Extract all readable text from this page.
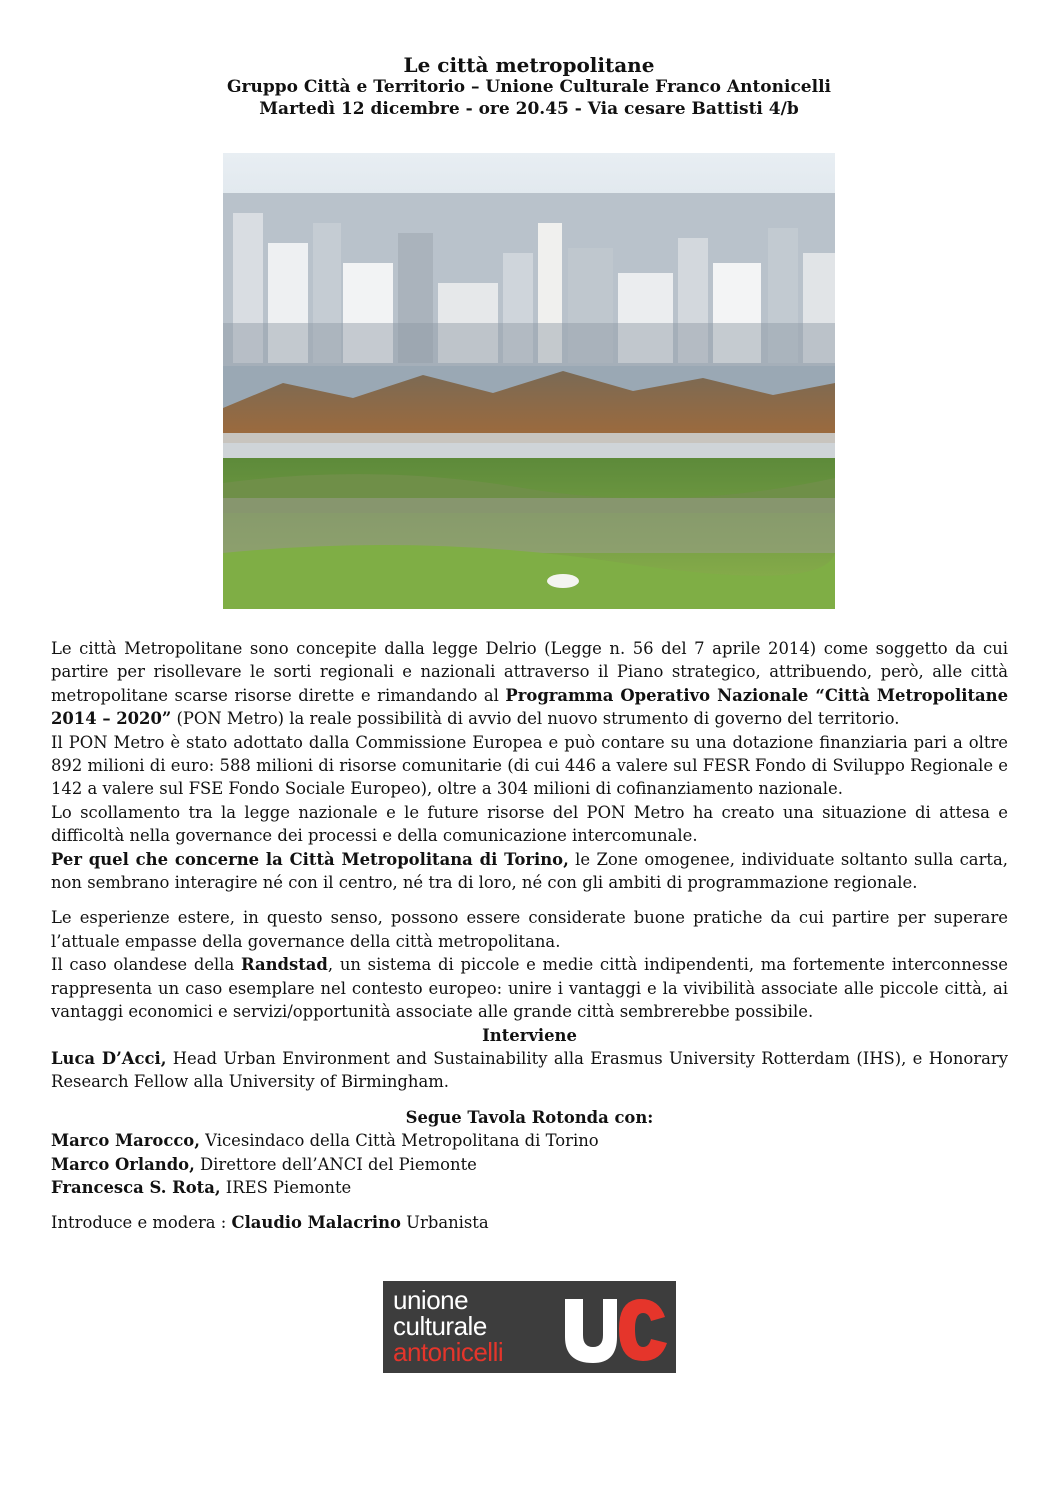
Le città metropolitane
Gruppo Città e Territorio – Unione Culturale Franco Antonicelli
Martedì 12 dicembre - ore 20.45 - Via cesare Battisti 4/b

Le città Metropolitane sono concepite dalla legge Delrio (Legge n. 56 del 7 aprile 2014) come soggetto da cui partire per risollevare le sorti regionali e nazionali attraverso il Piano strategico, attribuendo, però, alle città metropolitane scarse risorse dirette e rimandando al Programma Operativo Nazionale “Città Metropolitane 2014 – 2020” (PON Metro) la reale possibilità di avvio del nuovo strumento di governo del territorio.

Il PON Metro è stato adottato dalla Commissione Europea e può contare su una dotazione finanziaria pari a oltre 892 milioni di euro: 588 milioni di risorse comunitarie (di cui 446 a valere sul FESR Fondo di Sviluppo Regionale e 142 a valere sul FSE Fondo Sociale Europeo), oltre a 304 milioni di cofinanziamento nazionale.

Lo scollamento tra la legge nazionale e le future risorse del PON Metro ha creato una situazione di attesa e difficoltà nella governance dei processi e della comunicazione intercomunale.

Per quel che concerne la Città Metropolitana di Torino, le Zone omogenee, individuate soltanto sulla carta, non sembrano interagire né con il centro, né tra di loro, né con gli ambiti di programmazione regionale.

Le esperienze estere, in questo senso, possono essere considerate buone pratiche da cui partire per superare l’attuale empasse della governance della città metropolitana.

Il caso olandese della Randstad, un sistema di piccole e medie città indipendenti, ma fortemente interconnesse rappresenta un caso esemplare nel contesto europeo: unire i vantaggi e la vivibilità associate alle piccole città, ai vantaggi economici e servizi/opportunità associate alle grande città sembrerebbe possibile.

Interviene

Luca D’Acci, Head Urban Environment and Sustainability alla Erasmus University Rotterdam (IHS), e Honorary Research Fellow alla University of Birmingham.

Segue Tavola Rotonda con:

Marco Marocco, Vicesindaco della Città Metropolitana di Torino

Marco Orlando, Direttore dell’ANCI del Piemonte

Francesca S. Rota, IRES Piemonte

Introduce e modera : Claudio Malacrino Urbanista

unione
culturale
antonicelli
